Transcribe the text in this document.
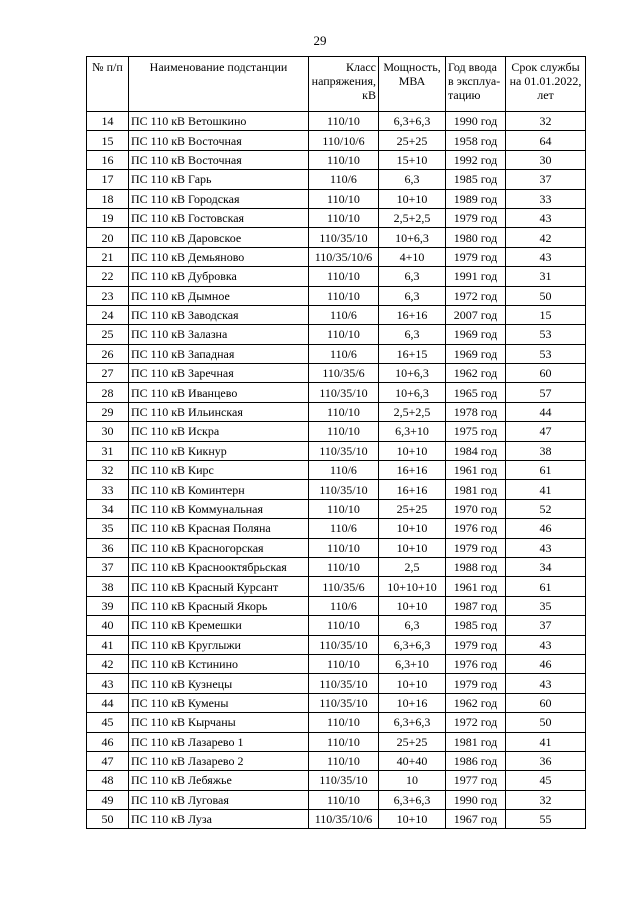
29
№ п/п	Наименование подстанции	Класс напряжения, кВ	Мощность, МВА	Год ввода в эксплуа-тацию	Срок службы на 01.01.2022, лет
14	ПС 110 кВ Ветошкино	110/10	6,3+6,3	1990 год	32
15	ПС 110 кВ Восточная	110/10/6	25+25	1958 год	64
16	ПС 110 кВ Восточная	110/10	15+10	1992 год	30
17	ПС 110 кВ Гарь	110/6	6,3	1985 год	37
18	ПС 110 кВ Городская	110/10	10+10	1989 год	33
19	ПС 110 кВ Гостовская	110/10	2,5+2,5	1979 год	43
20	ПС 110 кВ Даровское	110/35/10	10+6,3	1980 год	42
21	ПС 110 кВ Демьяново	110/35/10/6	4+10	1979 год	43
22	ПС 110 кВ Дубровка	110/10	6,3	1991 год	31
23	ПС 110 кВ Дымное	110/10	6,3	1972 год	50
24	ПС 110 кВ Заводская	110/6	16+16	2007 год	15
25	ПС 110 кВ Залазна	110/10	6,3	1969 год	53
26	ПС 110 кВ Западная	110/6	16+15	1969 год	53
27	ПС 110 кВ Заречная	110/35/6	10+6,3	1962 год	60
28	ПС 110 кВ Иванцево	110/35/10	10+6,3	1965 год	57
29	ПС 110 кВ Ильинская	110/10	2,5+2,5	1978 год	44
30	ПС 110 кВ Искра	110/10	6,3+10	1975 год	47
31	ПС 110 кВ Кикнур	110/35/10	10+10	1984 год	38
32	ПС 110 кВ Кирс	110/6	16+16	1961 год	61
33	ПС 110 кВ Коминтерн	110/35/10	16+16	1981 год	41
34	ПС 110 кВ Коммунальная	110/10	25+25	1970 год	52
35	ПС 110 кВ Красная Поляна	110/6	10+10	1976 год	46
36	ПС 110 кВ Красногорская	110/10	10+10	1979 год	43
37	ПС 110 кВ Краснооктябрьская	110/10	2,5	1988 год	34
38	ПС 110 кВ Красный Курсант	110/35/6	10+10+10	1961 год	61
39	ПС 110 кВ Красный Якорь	110/6	10+10	1987 год	35
40	ПС 110 кВ Кремешки	110/10	6,3	1985 год	37
41	ПС 110 кВ Круглыжи	110/35/10	6,3+6,3	1979 год	43
42	ПС 110 кВ Кстинино	110/10	6,3+10	1976 год	46
43	ПС 110 кВ Кузнецы	110/35/10	10+10	1979 год	43
44	ПС 110 кВ Кумены	110/35/10	10+16	1962 год	60
45	ПС 110 кВ Кырчаны	110/10	6,3+6,3	1972 год	50
46	ПС 110 кВ Лазарево 1	110/10	25+25	1981 год	41
47	ПС 110 кВ Лазарево 2	110/10	40+40	1986 год	36
48	ПС 110 кВ Лебяжье	110/35/10	10	1977 год	45
49	ПС 110 кВ Луговая	110/10	6,3+6,3	1990 год	32
50	ПС 110 кВ Луза	110/35/10/6	10+10	1967 год	55
